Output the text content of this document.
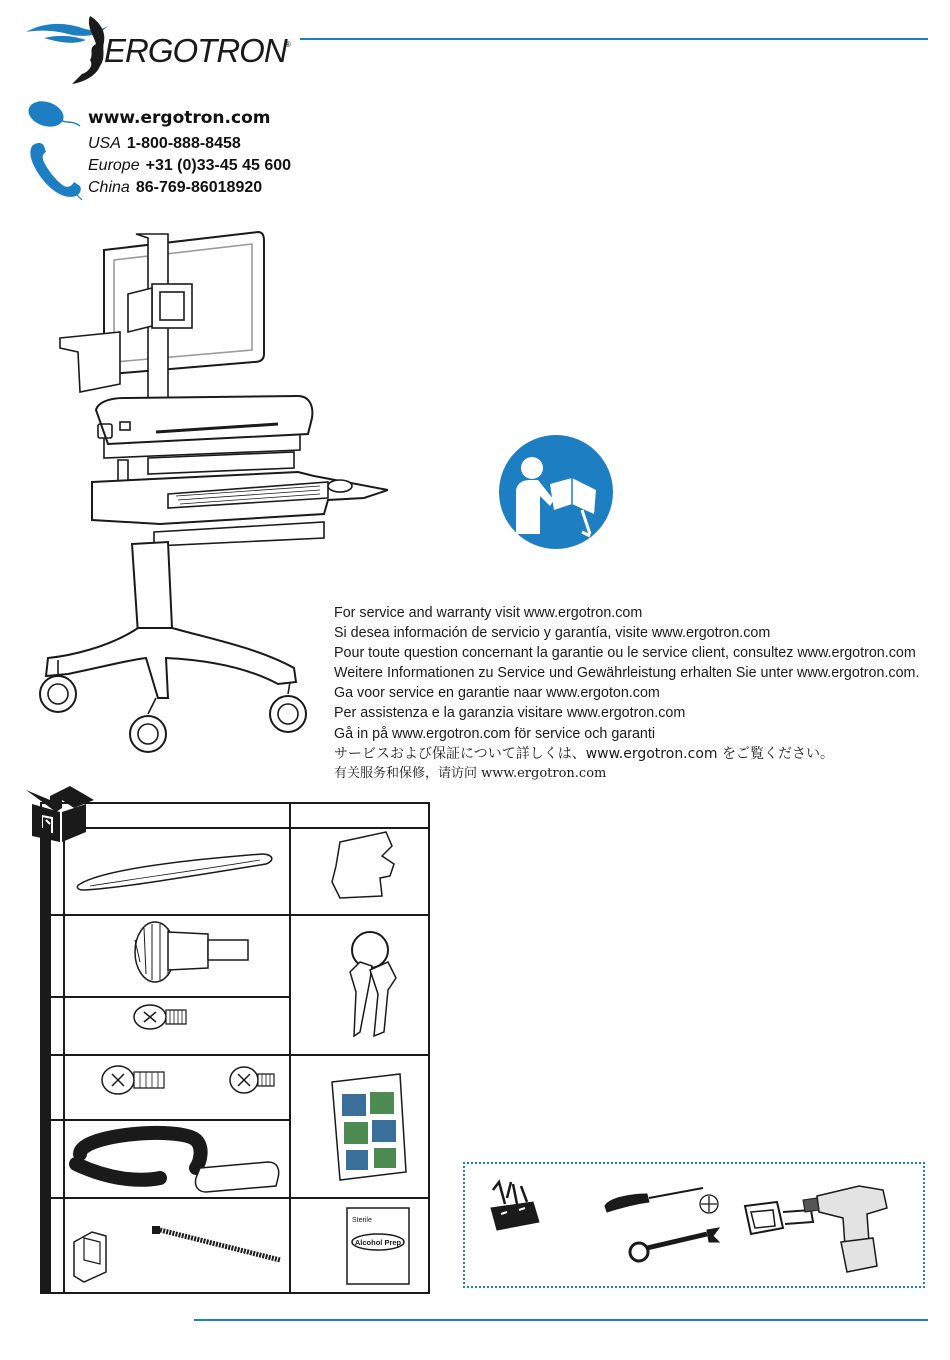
ERGOTRON
®
www.ergotron.com
USA 1-800-888-8458
Europe +31 (0)33-45 45 600
China 86-769-86018920
For service and warranty visit www.ergotron.com
Si desea información de servicio y garantía, visite www.ergotron.com
Pour toute question concernant la garantie ou le service client, consultez www.ergotron.com
Weitere Informationen zu Service und Gewährleistung erhalten Sie unter www.ergotron.com.
Ga voor service en garantie naar www.ergoton.com
Per assistenza e la garanzia visitare www.ergotron.com
Gå in på www.ergotron.com för service och garanti
サービスおよび保証について詳しくは、www.ergotron.com をご覧ください。
有关服务和保修，请访问 www.ergotron.com
Sterile
Alcohol Prep
